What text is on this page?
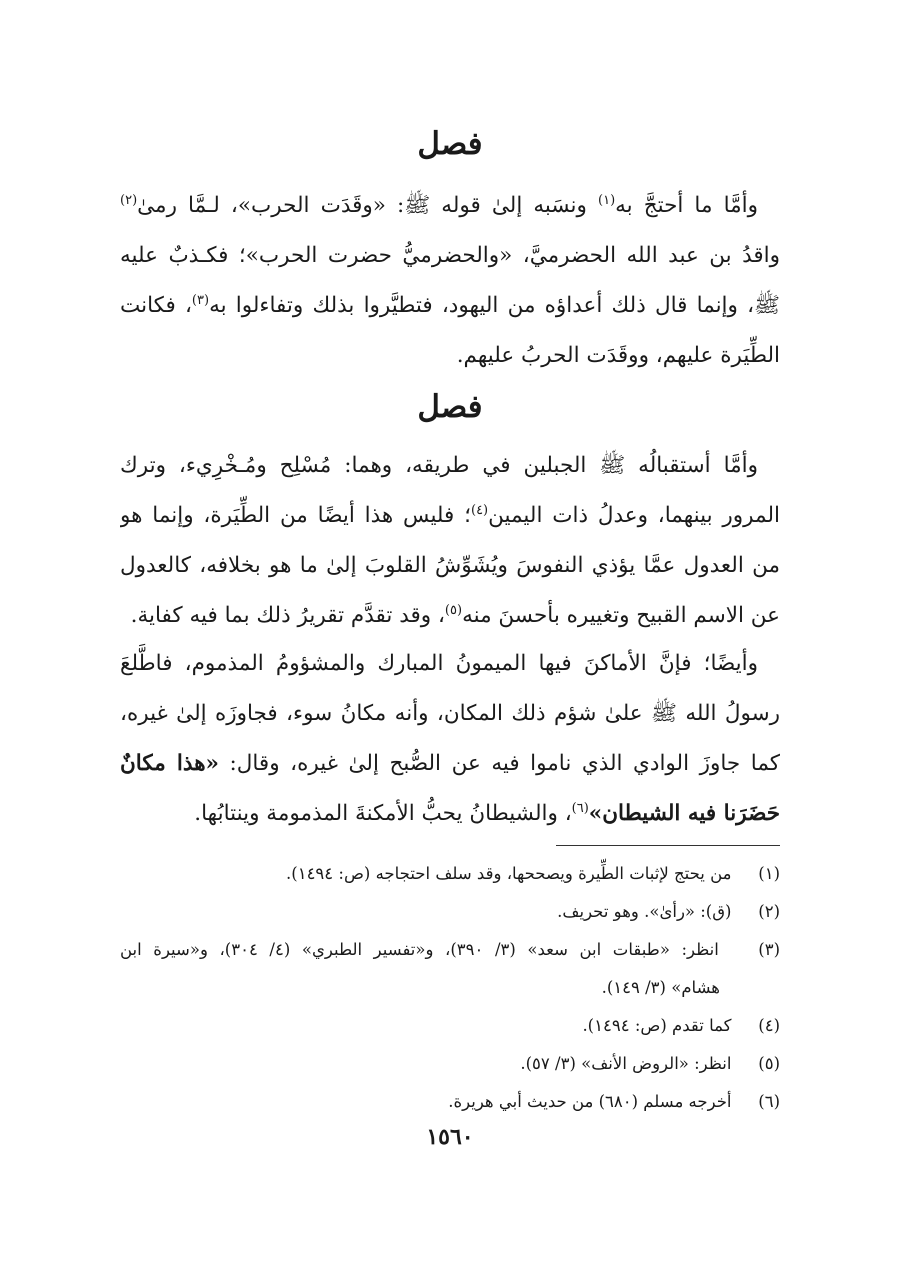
فصل
وأمَّا ما أحتجَّ به$^{(١)}$ ونسَبه إلىٰ قوله ﷺ: «وقَدَت الحرب»، لـمَّا رمىٰ$^{(٢)}$
واقدُ بن عبد الله الحضرميَّ، «والحضرميُّ حضرت الحرب»؛ فكـذبٌ عليه
ﷺ، وإنما قال ذلك أعداؤه من اليهود، فتطيَّروا بذلك وتفاءلوا به$^{(٣)}$، فكانت
الطِّيَرة عليهم، ووقَدَت الحربُ عليهم.
فصل
وأمَّا أستقبالُه ﷺ الجبلين في طريقه، وهما: مُسْلِح ومُـخْرِيء، وترك
المرور بينهما، وعدلُ ذات اليمين$^{(٤)}$؛ فليس هذا أيضًا من الطِّيَرة، وإنما هو
من العدول عمَّا يؤذي النفوسَ ويُشَوِّشُ القلوبَ إلىٰ ما هو بخلافه، كالعدول
عن الاسم القبيح وتغييره بأحسنَ منه$^{(٥)}$، وقد تقدَّم تقريرُ ذلك بما فيه كفاية.
وأيضًا؛ فإنَّ الأماكنَ فيها الميمونُ المبارك والمشؤومُ المذموم، فاطَّلعَ
رسولُ الله ﷺ علىٰ شؤم ذلك المكان، وأنه مكانُ سوء، فجاوزَه إلىٰ غيره،
كما جاوزَ الوادي الذي ناموا فيه عن الصُّبح إلىٰ غيره، وقال: «هذا مكانٌ
حَضَرَنا فيه الشيطان»$^{(٦)}$، والشيطانُ يحبُّ الأمكنةَ المذمومة وينتابُها.
(١)  من يحتج لإثبات الطِّيرة ويصححها، وقد سلف احتجاجه (ص: ١٤٩٤).
(٢)  (ق): «رأىٰ». وهو تحريف.
(٣)  انظر: «طبقات ابن سعد» (٣/ ٣٩٠)، و«تفسير الطبري» (٤/ ٣٠٤)، و«سيرة ابن
هشام» (٣/ ١٤٩).
(٤)  كما تقدم (ص: ١٤٩٤).
(٥)  انظر: «الروض الأنف» (٣/ ٥٧).
(٦)  أخرجه مسلم (٦٨٠) من حديث أبي هريرة.
١٥٦٠
